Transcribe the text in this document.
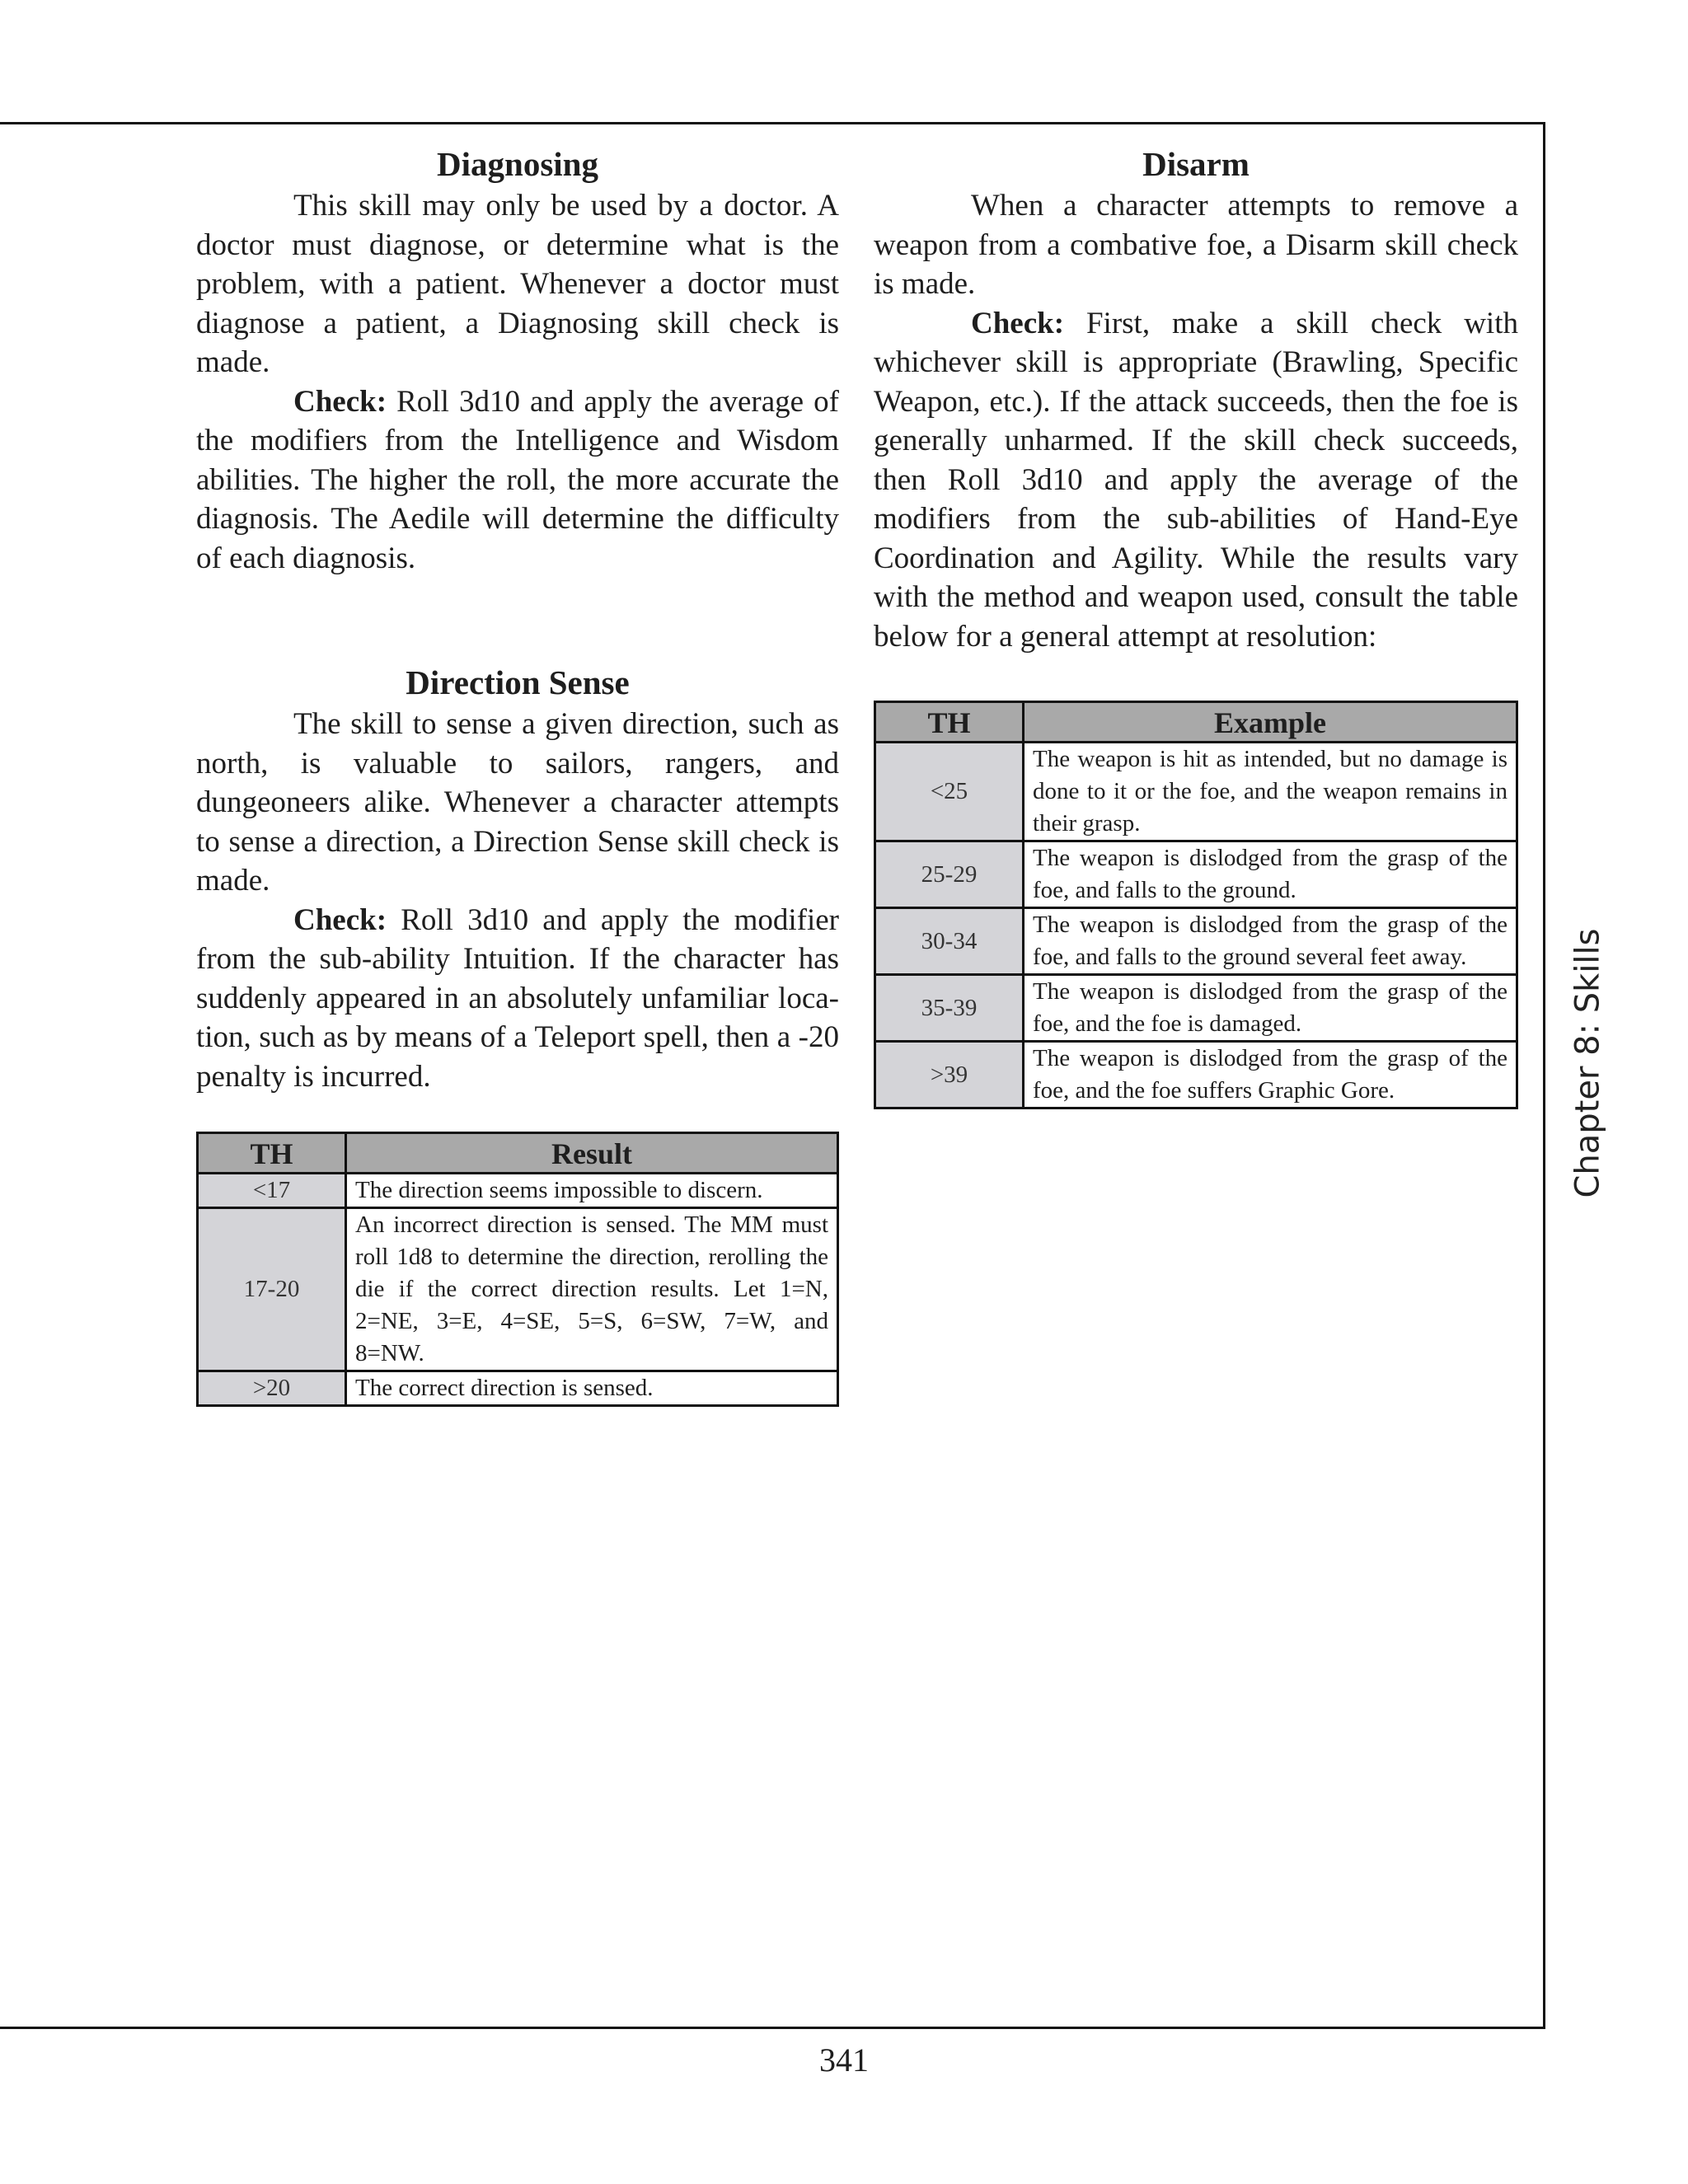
Diagnosing

This skill may only be used by a doctor. A doctor must diagnose, or determine what is the problem, with a patient. Whenever a doctor must diagnose a patient, a Diagnosing skill check is made.

Check: Roll 3d10 and apply the average of the modifiers from the Intelligence and Wisdom abilities. The higher the roll, the more accurate the diagnosis. The Aedile will determine the difficulty of each diagnosis.

Direction Sense

The skill to sense a given direction, such as north, is valuable to sailors, rangers, and dungeoneers alike. Whenever a character attempts to sense a direction, a Direction Sense skill check is made.

Check: Roll 3d10 and apply the modifier from the sub-ability Intuition. If the character has suddenly appeared in an absolutely unfamiliar location, such as by means of a Teleport spell, then a -20 penalty is incurred.

TH	Result
<17	The direction seems impossible to discern.
17-20	An incorrect direction is sensed. The MM must roll 1d8 to determine the direction, rerolling the die if the correct direction results. Let 1=N, 2=NE, 3=E, 4=SE, 5=S, 6=SW, 7=W, and 8=NW.
>20	The correct direction is sensed.
Disarm

When a character attempts to remove a weapon from a combative foe, a Disarm skill check is made.

Check: First, make a skill check with whichever skill is appropriate (Brawling, Specific Weapon, etc.). If the attack succeeds, then the foe is generally unharmed. If the skill check succeeds, then Roll 3d10 and apply the average of the modifiers from the sub-abilities of Hand-Eye Coordination and Agility. While the results vary with the method and weapon used, consult the table below for a general attempt at resolution:

TH	Example
<25	The weapon is hit as intended, but no damage is done to it or the foe, and the weapon remains in their grasp.
25-29	The weapon is dislodged from the grasp of the foe, and falls to the ground.
30-34	The weapon is dislodged from the grasp of the foe, and falls to the ground several feet away.
35-39	The weapon is dislodged from the grasp of the foe, and the foe is damaged.
>39	The weapon is dislodged from the grasp of the foe, and the foe suffers Graphic Gore.	Chapter 8: Skills
341
